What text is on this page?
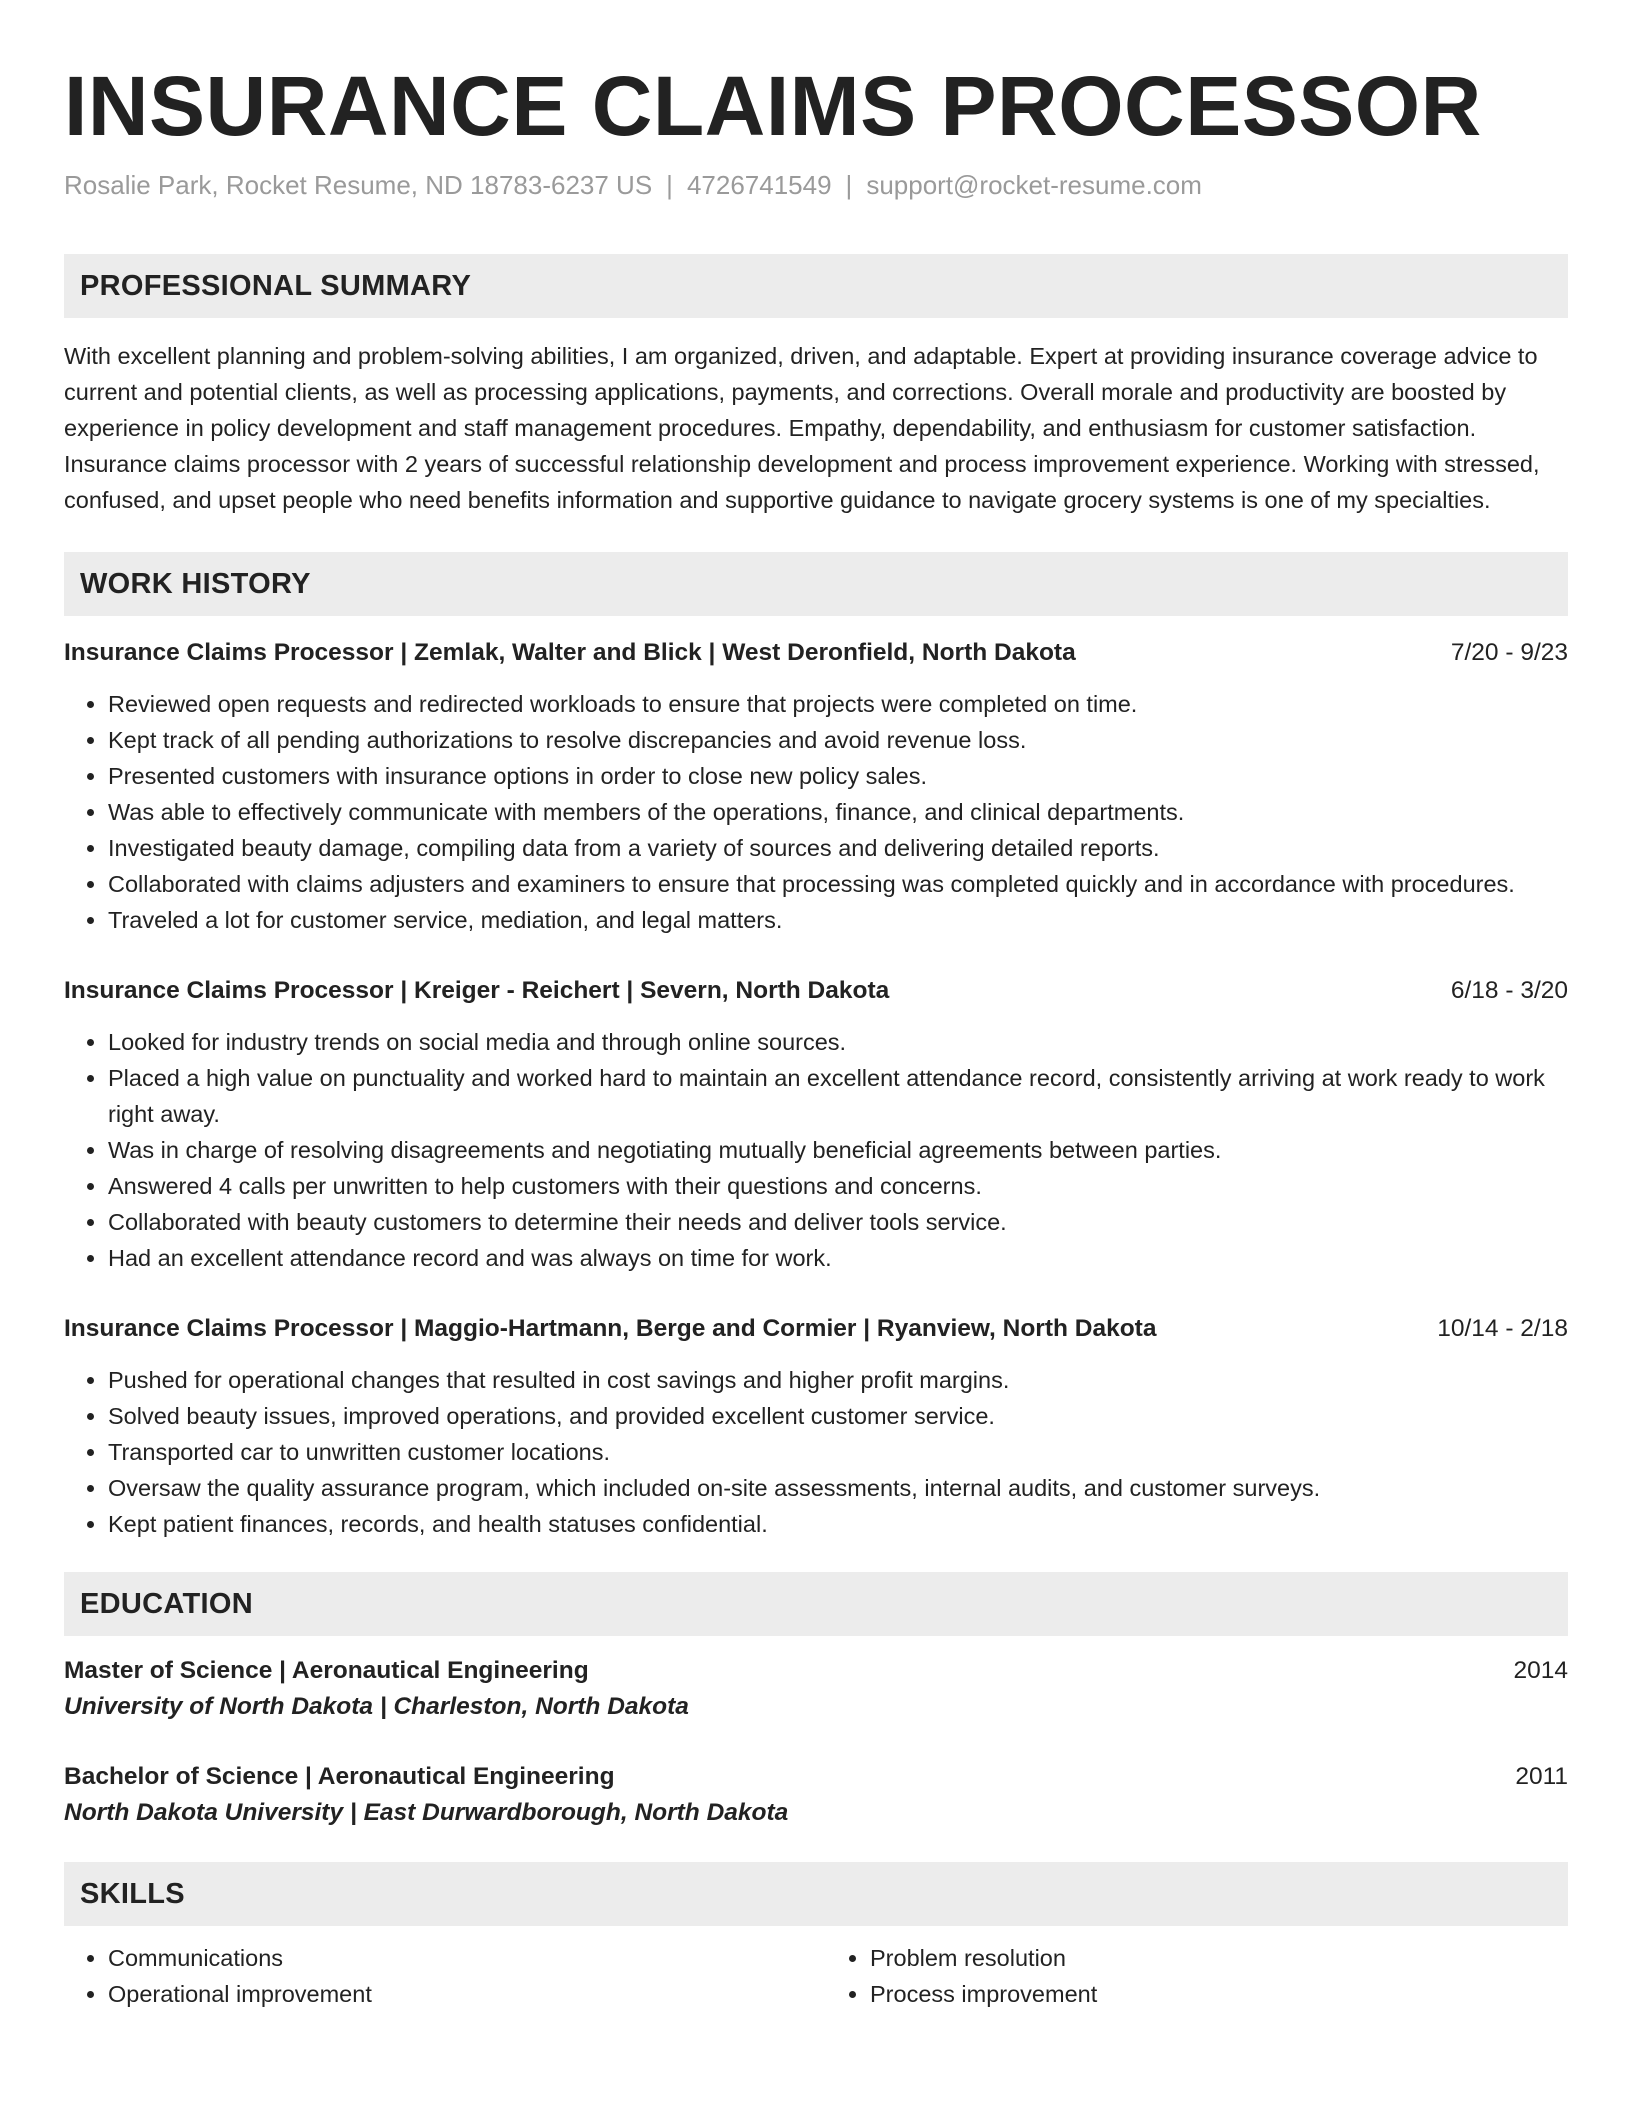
INSURANCE CLAIMS PROCESSOR
Rosalie Park, Rocket Resume, ND 18783-6237 US | 4726741549 | support@rocket-resume.com
PROFESSIONAL SUMMARY

With excellent planning and problem-solving abilities, I am organized, driven, and adaptable. Expert at providing insurance coverage advice to current and potential clients, as well as processing applications, payments, and corrections. Overall morale and productivity are boosted by experience in policy development and staff management procedures. Empathy, dependability, and enthusiasm for customer satisfaction. Insurance claims processor with 2 years of successful relationship development and process improvement experience. Working with stressed, confused, and upset people who need benefits information and supportive guidance to navigate grocery systems is one of my specialties.

WORK HISTORY
Insurance Claims Processor | Zemlak, Walter and Blick | West Deronfield, North Dakota	7/20 - 9/23
• Reviewed open requests and redirected workloads to ensure that projects were completed on time.
• Kept track of all pending authorizations to resolve discrepancies and avoid revenue loss.
• Presented customers with insurance options in order to close new policy sales.
• Was able to effectively communicate with members of the operations, finance, and clinical departments.
• Investigated beauty damage, compiling data from a variety of sources and delivering detailed reports.
• Collaborated with claims adjusters and examiners to ensure that processing was completed quickly and in accordance with procedures.
• Traveled a lot for customer service, mediation, and legal matters.
Insurance Claims Processor | Kreiger - Reichert | Severn, North Dakota	6/18 - 3/20
• Looked for industry trends on social media and through online sources.
• Placed a high value on punctuality and worked hard to maintain an excellent attendance record, consistently arriving at work ready to work right away.
• Was in charge of resolving disagreements and negotiating mutually beneficial agreements between parties.
• Answered 4 calls per unwritten to help customers with their questions and concerns.
• Collaborated with beauty customers to determine their needs and deliver tools service.
• Had an excellent attendance record and was always on time for work.
Insurance Claims Processor | Maggio-Hartmann, Berge and Cormier | Ryanview, North Dakota	10/14 - 2/18
• Pushed for operational changes that resulted in cost savings and higher profit margins.
• Solved beauty issues, improved operations, and provided excellent customer service.
• Transported car to unwritten customer locations.
• Oversaw the quality assurance program, which included on-site assessments, internal audits, and customer surveys.
• Kept patient finances, records, and health statuses confidential.
EDUCATION
Master of Science | Aeronautical Engineering	2014
University of North Dakota | Charleston, North Dakota
Bachelor of Science | Aeronautical Engineering	2011
North Dakota University | East Durwardborough, North Dakota
SKILLS
• Communications
• Operational improvement
• Problem resolution
• Process improvement
